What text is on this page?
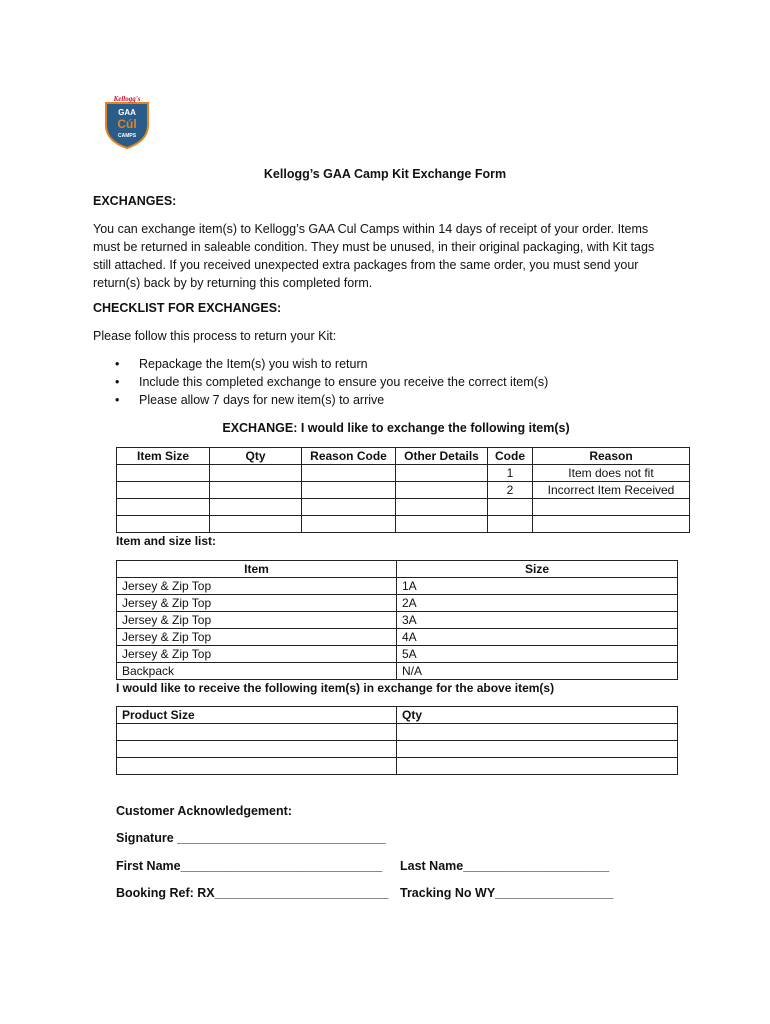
Kellogg's
GAA
Cúl
CAMPS
Kellogg’s GAA Camp Kit Exchange Form
EXCHANGES:
You can exchange item(s) to Kellogg’s GAA Cul Camps within 14 days of receipt of your order. Items must be returned in saleable condition. They must be unused, in their original packaging, with Kit tags still attached. If you received unexpected extra packages from the same order, you must send your return(s) back by by returning this completed form.
CHECKLIST FOR EXCHANGES:
Please follow this process to return your Kit:
• Repackage the Item(s) you wish to return
• Include this completed exchange to ensure you receive the correct item(s)
• Please allow 7 days for new item(s) to arrive
EXCHANGE: I would like to exchange the following item(s)
Item Size	Qty	Reason Code	Other Details	Code	Reason
				1	Item does not fit
				2	Incorrect Item Received

Item and size list:
Item	Size
Jersey & Zip Top	1A
Jersey & Zip Top	2A
Jersey & Zip Top	3A
Jersey & Zip Top	4A
Jersey & Zip Top	5A
Backpack	N/A
I would like to receive the following item(s) in exchange for the above item(s)
Product Size	Qty

Customer Acknowledgement:
Signature ______________________________
First Name_____________________________ Last Name_____________________
Booking Ref: RX_________________________ Tracking No WY_________________
